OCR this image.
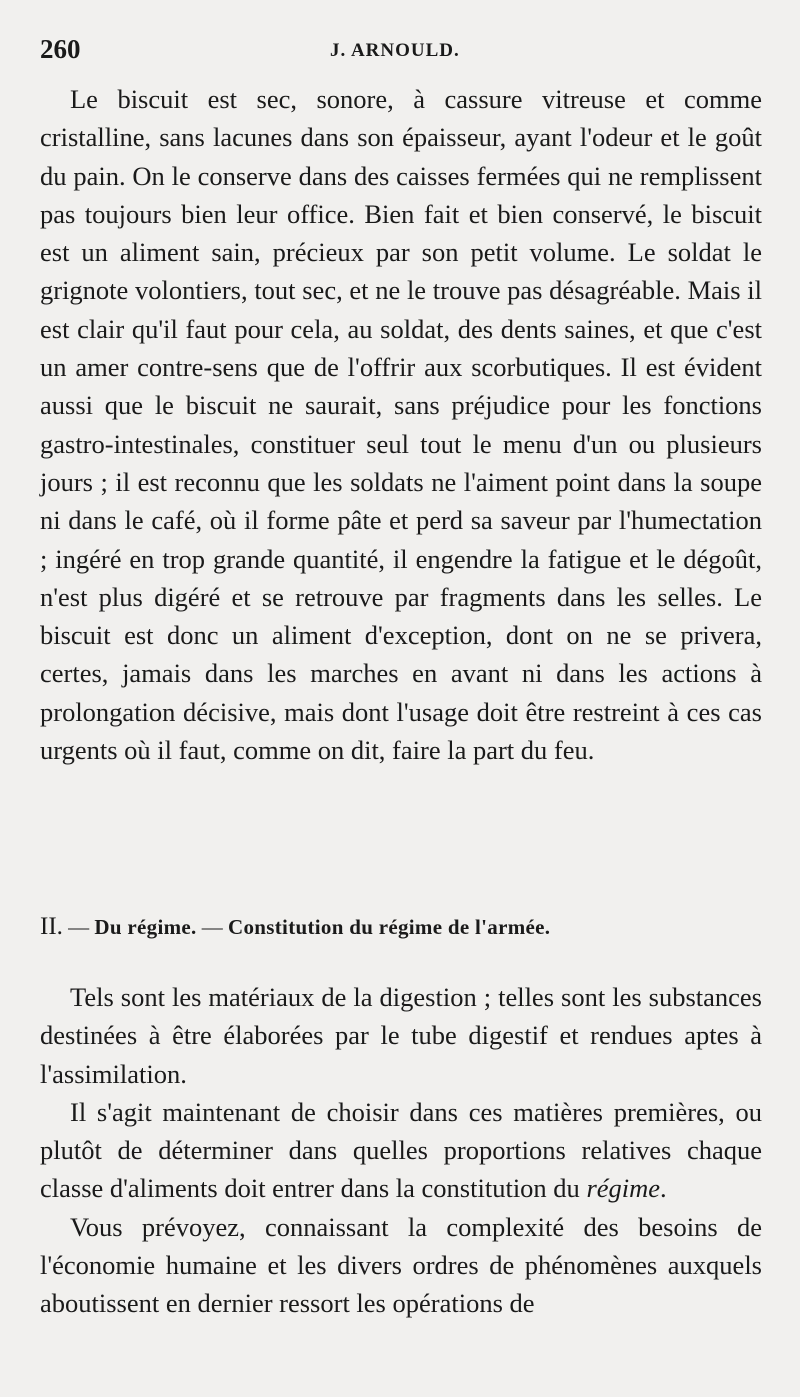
260	J. ARNOULD.

Le biscuit est sec, sonore, à cassure vitreuse et comme cristalline, sans lacunes dans son épaisseur, ayant l'odeur et le goût du pain. On le conserve dans des caisses fermées qui ne remplissent pas toujours bien leur office. Bien fait et bien conservé, le biscuit est un aliment sain, précieux par son petit volume. Le soldat le grignote volontiers, tout sec, et ne le trouve pas désagréable. Mais il est clair qu'il faut pour cela, au soldat, des dents saines, et que c'est un amer contre-sens que de l'offrir aux scorbutiques. Il est évident aussi que le biscuit ne saurait, sans préjudice pour les fonctions gastro-intestinales, constituer seul tout le menu d'un ou plusieurs jours ; il est reconnu que les soldats ne l'aiment point dans la soupe ni dans le café, où il forme pâte et perd sa saveur par l'humectation ; ingéré en trop grande quantité, il engendre la fatigue et le dégoût, n'est plus digéré et se retrouve par fragments dans les selles. Le biscuit est donc un aliment d'exception, dont on ne se privera, certes, jamais dans les marches en avant ni dans les actions à prolongation décisive, mais dont l'usage doit être restreint à ces cas urgents où il faut, comme on dit, faire la part du feu.

II. — Du régime. — Constitution du régime de l'armée.

Tels sont les matériaux de la digestion ; telles sont les substances destinées à être élaborées par le tube digestif et rendues aptes à l'assimilation.

Il s'agit maintenant de choisir dans ces matières premières, ou plutôt de déterminer dans quelles proportions relatives chaque classe d'aliments doit entrer dans la constitution du régime.

Vous prévoyez, connaissant la complexité des besoins de l'économie humaine et les divers ordres de phénomènes auxquels aboutissent en dernier ressort les opérations de
